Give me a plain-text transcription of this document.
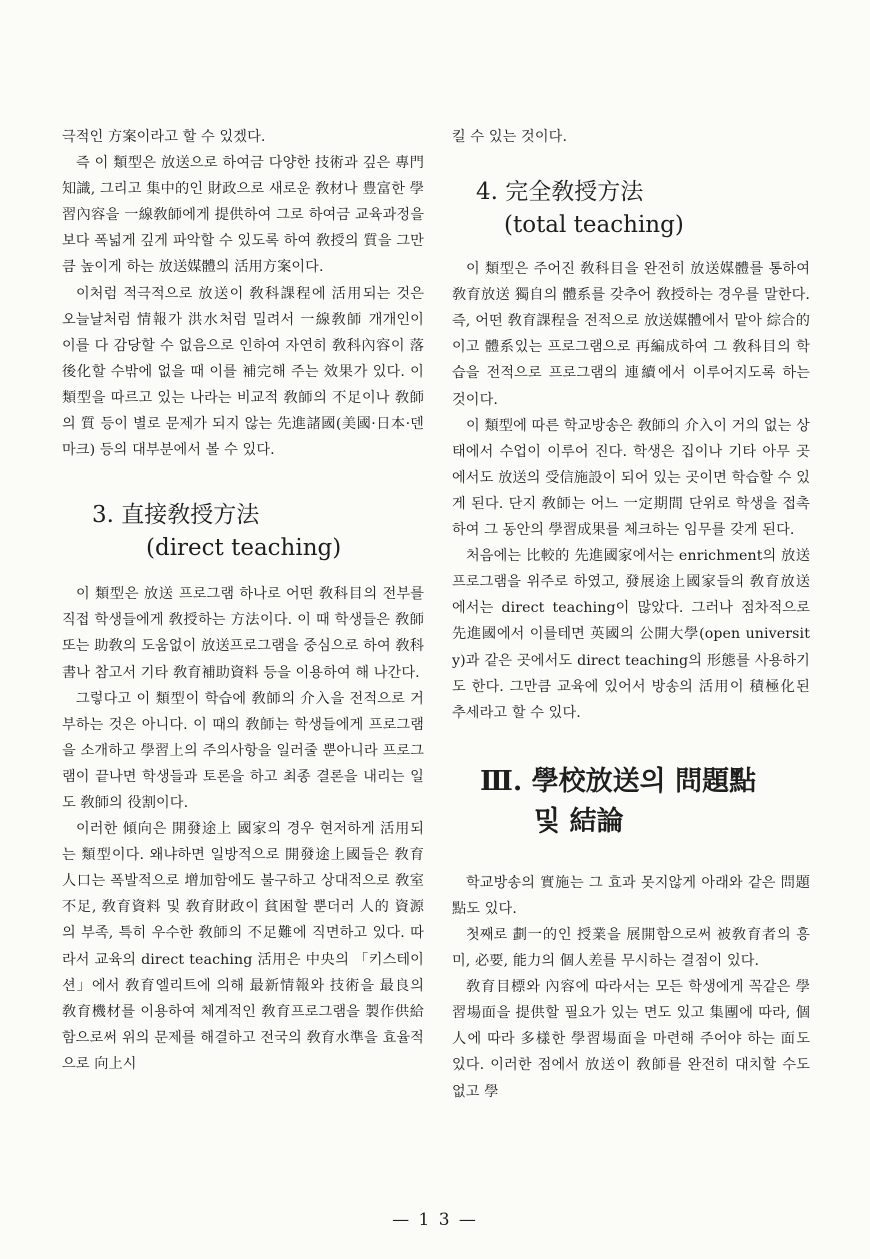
극적인 方案이라고 할 수 있겠다.

즉 이 類型은 放送으로 하여금 다양한 技術과 깊은 專門知識, 그리고 集中的인 財政으로 새로운 敎材나 豊富한 學習內容을 一線敎師에게 提供하여 그로 하여금 교육과정을 보다 폭넓게 깊게 파악할 수 있도록 하여 敎授의 質을 그만큼 높이게 하는 放送媒體의 活用方案이다.

이처럼 적극적으로 放送이 敎科課程에 活用되는 것은 오늘날처럼 情報가 洪水처럼 밀려서 一線敎師 개개인이 이를 다 감당할 수 없음으로 인하여 자연히 敎科內容이 落後化할 수밖에 없을 때 이를 補完해 주는 效果가 있다. 이 類型을 따르고 있는 나라는 비교적 敎師의 不足이나 敎師의 質 등이 별로 문제가 되지 않는 先進諸國(美國·日本·덴마크) 등의 대부분에서 볼 수 있다.

3. 直接敎授方法
(direct teaching)

이 類型은 放送 프로그램 하나로 어떤 敎科目의 전부를 직접 학생들에게 敎授하는 方法이다. 이 때 학생들은 敎師 또는 助敎의 도움없이 放送프로그램을 중심으로 하여 敎科書나 참고서 기타 敎育補助資料 등을 이용하여 해 나간다.

그렇다고 이 類型이 학습에 敎師의 介入을 전적으로 거부하는 것은 아니다. 이 때의 敎師는 학생들에게 프로그램을 소개하고 學習上의 주의사항을 일러줄 뿐아니라 프로그램이 끝나면 학생들과 토론을 하고 최종 결론을 내리는 일도 敎師의 役割이다.

이러한 傾向은 開發途上 國家의 경우 현저하게 活用되는 類型이다. 왜냐하면 일방적으로 開發途上國들은 敎育人口는 폭발적으로 增加함에도 불구하고 상대적으로 敎室不足, 敎育資料 및 敎育財政이 貧困할 뿐더러 人的 資源의 부족, 특히 우수한 敎師의 不足難에 직면하고 있다. 따라서 교육의 direct teaching 活用은 中央의 「키스테이션」에서 敎育엘리트에 의해 最新情報와 技術을 最良의 敎育機材를 이용하여 체계적인 敎育프로그램을 製作供給함으로써 위의 문제를 해결하고 전국의 敎育水準을 효율적으로 向上시

킬 수 있는 것이다.

4. 完全敎授方法
(total teaching)

이 類型은 주어진 敎科目을 완전히 放送媒體를 통하여 敎育放送 獨自의 體系를 갖추어 敎授하는 경우를 말한다. 즉, 어떤 敎育課程을 전적으로 放送媒體에서 맡아 綜合的이고 體系있는 프로그램으로 再編成하여 그 敎科目의 학습을 전적으로 프로그램의 連續에서 이루어지도록 하는 것이다.

이 類型에 따른 학교방송은 敎師의 介入이 거의 없는 상태에서 수업이 이루어 진다. 학생은 집이나 기타 아무 곳에서도 放送의 受信施設이 되어 있는 곳이면 학습할 수 있게 된다. 단지 敎師는 어느 一定期間 단위로 학생을 접촉하여 그 동안의 學習成果를 체크하는 임무를 갖게 된다.

처음에는 比較的 先進國家에서는 enrichment의 放送프로그램을 위주로 하였고, 發展途上國家들의 敎育放送에서는 direct teaching이 많았다. 그러나 점차적으로 先進國에서 이를테면 英國의 公開大學(open university)과 같은 곳에서도 direct teaching의 形態를 사용하기도 한다. 그만큼 교육에 있어서 방송의 活用이 積極化된 추세라고 할 수 있다.

Ⅲ. 學校放送의 問題點
및 結論

학교방송의 實施는 그 효과 못지않게 아래와 같은 問題點도 있다.

첫째로 劃一的인 授業을 展開함으로써 被敎育者의 흥미, 必要, 能力의 個人差를 무시하는 결점이 있다.

敎育目標와 內容에 따라서는 모든 학생에게 꼭같은 學習場面을 提供할 필요가 있는 면도 있고 集團에 따라, 個人에 따라 多樣한 學習場面을 마련해 주어야 하는 面도 있다. 이러한 점에서 放送이 敎師를 완전히 대치할 수도 없고 學

— 1 3 —
